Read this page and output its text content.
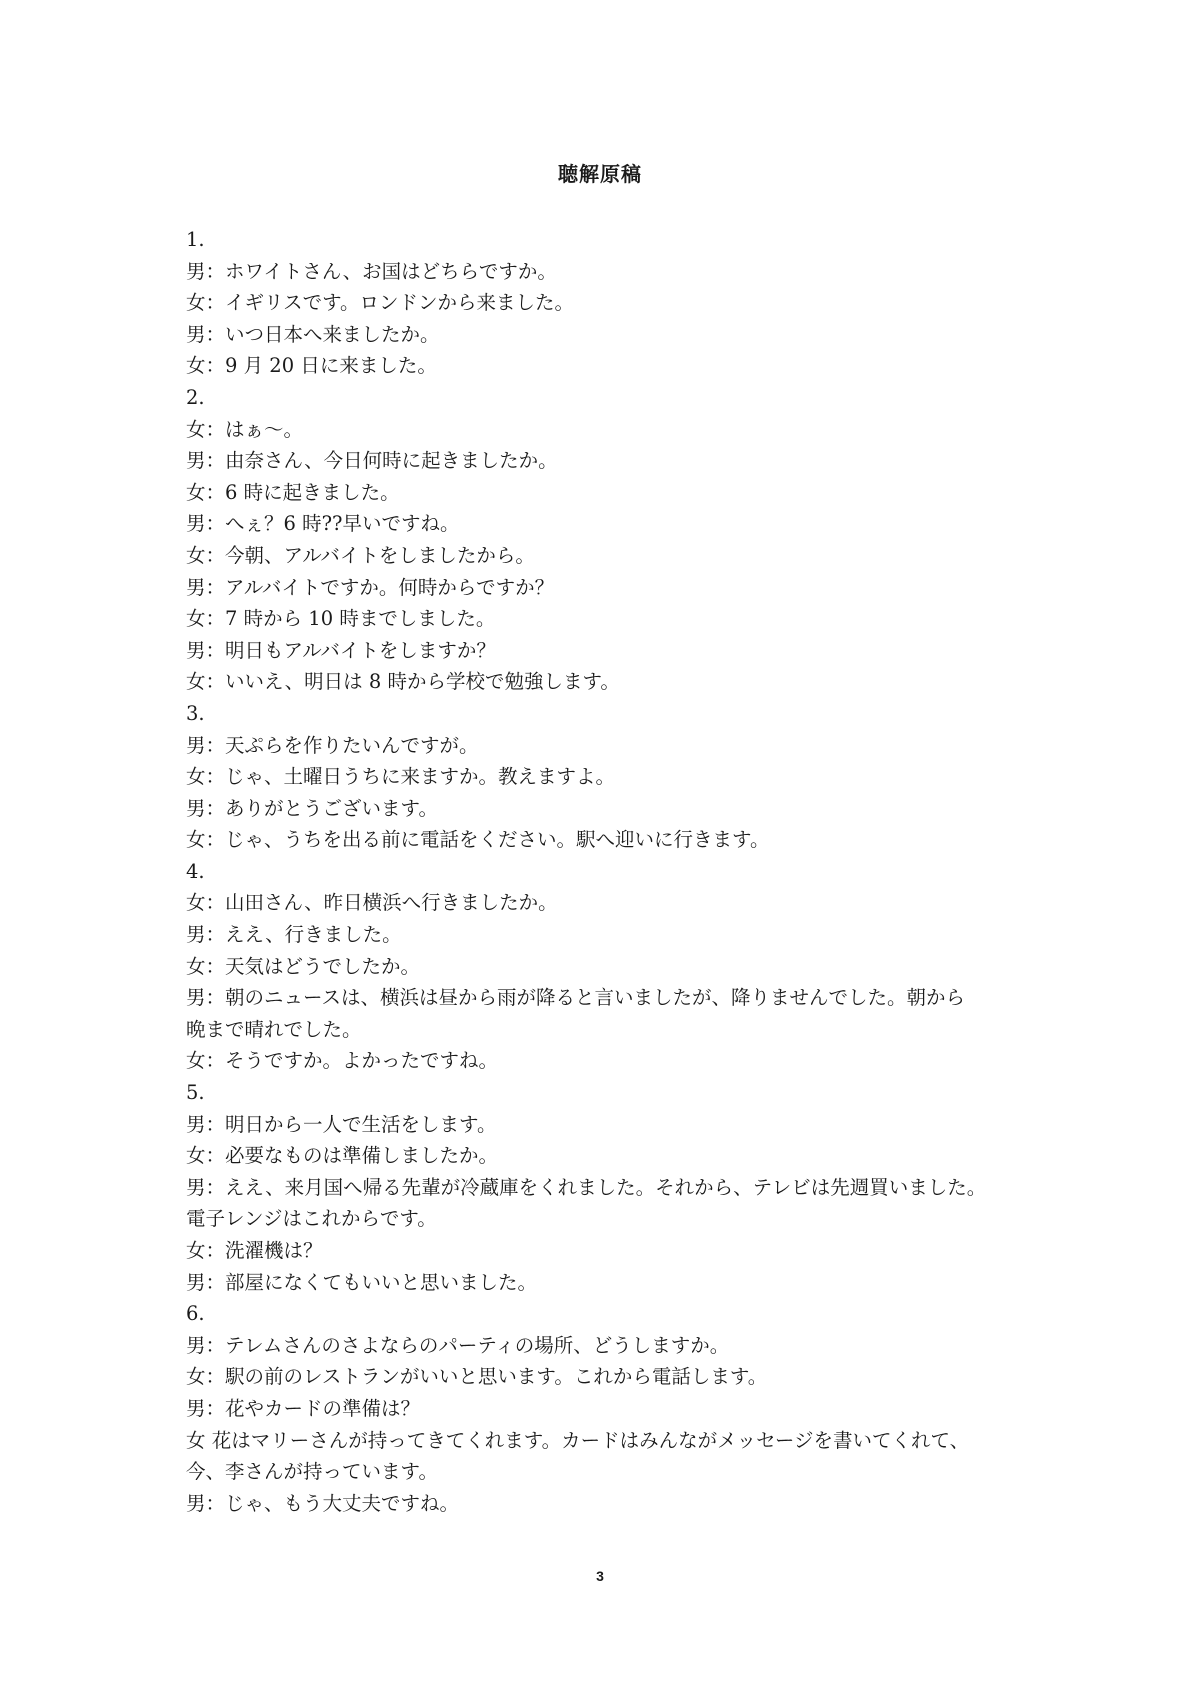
聴解原稿
1.
男：ホワイトさん、お国はどちらですか。
女：イギリスです。ロンドンから来ました。
男：いつ日本へ来ましたか。
女：9 月 20 日に来ました。
2.
女：はぁ〜。
男：由奈さん、今日何時に起きましたか。
女：6 時に起きました。
男：へぇ？6 時??早いですね。
女：今朝、アルバイトをしましたから。
男：アルバイトですか。何時からですか？
女：7 時から 10 時までしました。
男：明日もアルバイトをしますか？
女：いいえ、明日は 8 時から学校で勉強します。
3.
男：天ぷらを作りたいんですが。
女：じゃ、土曜日うちに来ますか。教えますよ。
男：ありがとうございます。
女：じゃ、うちを出る前に電話をください。駅へ迎いに行きます。
4.
女：山田さん、昨日横浜へ行きましたか。
男：ええ、行きました。
女：天気はどうでしたか。
男：朝のニュースは、横浜は昼から雨が降ると言いましたが、降りませんでした。朝から
晩まで晴れでした。
女：そうですか。よかったですね。
5.
男：明日から一人で生活をします。
女：必要なものは準備しましたか。
男：ええ、来月国へ帰る先輩が冷蔵庫をくれました。それから、テレビは先週買いました。
電子レンジはこれからです。
女：洗濯機は？
男：部屋になくてもいいと思いました。
6.
男：テレムさんのさよならのパーティの場所、どうしますか。
女：駅の前のレストランがいいと思います。これから電話します。
男：花やカードの準備は？
女 花はマリーさんが持ってきてくれます。カードはみんながメッセージを書いてくれて、
今、李さんが持っています。
男：じゃ、もう大丈夫ですね。
3
